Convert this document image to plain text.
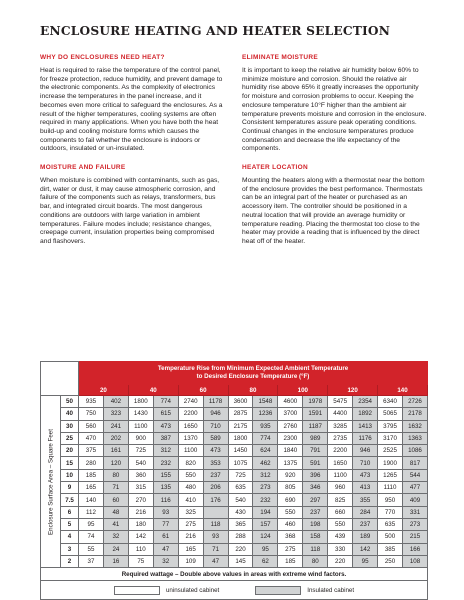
ENCLOSURE HEATING AND HEATER SELECTION
WHY DO ENCLOSURES NEED HEAT?

Heat is required to raise the temperature of the control panel, for freeze protection, reduce humidity, and prevent damage to the electronic components. As the complexity of electronics increase the temperatures in the panel increase, and it becomes even more critical to safeguard the enclosures. As a result of the higher temperatures, cooling systems are often required in many applications. When you have both the heat build-up and cooling moisture forms which causes the components to fail whether the enclosure is indoors or outdoors, insulated or un-insulated.

MOISTURE AND FAILURE

When moisture is combined with contaminants, such as gas, dirt, water or dust, it may cause atmospheric corrosion, and failure of the components such as relays, transformers, bus bar, and integrated circuit boards. The most dangerous conditions are outdoors with large variation in ambient temperatures. Failure modes include; resistance changes, creepage current, insulation properties being compromised and flashovers.

ELIMINATE MOISTURE

It is important to keep the relative air humidity below 60% to minimize moisture and corrosion. Should the relative air humidity rise above 65% it greatly increases the opportunity for moisture and corrosion problems to occur. Keeping the enclosure temperature 10°F higher than the ambient air temperature prevents moisture and corrosion in the enclosure. Consistent temperatures assure peak operating conditions. Continual changes in the enclosure temperatures produce condensation and decrease the life expectancy of the components.

HEATER LOCATION

Mounting the heaters along with a thermostat near the bottom of the enclosure provides the best performance. Thermostats can be an integral part of the heater or purchased as an accessory item. The controller should be positioned in a neutral location that will provide an average humidity or temperature reading. Placing the thermostat too close to the heater may provide a reading that is influenced by the direct heat off of the heater.

		Temperature Rise from Minimum Expected Ambient Temperature
to Desired Enclosure Temperature (°F)													

		20		40		60		80		100		120		140	

Enclosure Surface Area – Square Feet	50	935	402	1800	774	2740	1178	3600	1548	4600	1978	5475	2354	6340	2726
	40	750	323	1430	615	2200	946	2875	1236	3700	1591	4400	1892	5065	2178
	30	560	241	1100	473	1650	710	2175	935	2760	1187	3285	1413	3795	1632
	25	470	202	900	387	1370	589	1800	774	2300	989	2735	1176	3170	1363
	20	375	161	725	312	1100	473	1450	624	1840	791	2200	946	2525	1086
	15	280	120	540	232	820	353	1075	462	1375	591	1650	710	1900	817
	10	185	80	360	155	550	237	725	312	920	396	1100	473	1265	544
	9	165	71	315	135	480	206	635	273	805	346	960	413	1110	477
	7.5	140	60	270	116	410	176	540	232	690	297	825	355	950	409
	6	112	48	216	93	325		430	194	550	237	660	284	770	331
	5	95	41	180	77	275	118	365	157	460	198	550	237	635	273
	4	74	32	142	61	216	93	288	124	368	158	439	189	500	215
	3	55	24	110	47	165	71	220	95	275	118	330	142	385	166
	2	37	16	75	32	109	47	145	62	185	80	220	95	250	108
Required wattage – Double above values in areas with extreme wind factors.															

uninsulated cabinet Insulated cabinet															
